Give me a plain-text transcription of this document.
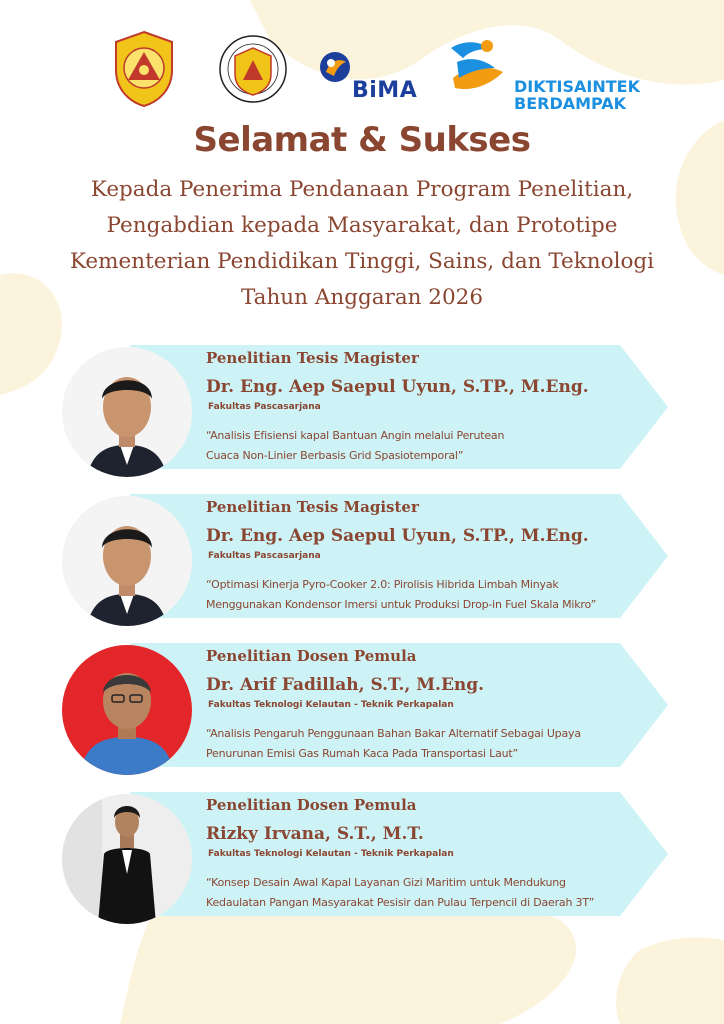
BiMA	DIKTISAINTEK
BERDAMPAK
Selamat & Sukses
Kepada Penerima Pendanaan Program Penelitian,
Pengabdian kepada Masyarakat, dan Prototipe
Kementerian Pendidikan Tinggi, Sains, dan Teknologi
Tahun Anggaran 2026
Penelitian Tesis Magister
Dr. Eng. Aep Saepul Uyun, S.TP., M.Eng.
Fakultas Pascasarjana
“Analisis Efisiensi kapal Bantuan Angin melalui Perutean
Cuaca Non-Linier Berbasis Grid Spasiotemporal”
Penelitian Tesis Magister
Dr. Eng. Aep Saepul Uyun, S.TP., M.Eng.
Fakultas Pascasarjana
“Optimasi Kinerja Pyro-Cooker 2.0: Pirolisis Hibrida Limbah Minyak
Menggunakan Kondensor Imersi untuk Produksi Drop-in Fuel Skala Mikro”
Penelitian Dosen Pemula
Dr. Arif Fadillah, S.T., M.Eng.
Fakultas Teknologi Kelautan - Teknik Perkapalan
“Analisis Pengaruh Penggunaan Bahan Bakar Alternatif Sebagai Upaya
Penurunan Emisi Gas Rumah Kaca Pada Transportasi Laut”
Penelitian Dosen Pemula
Rizky Irvana, S.T., M.T.
Fakultas Teknologi Kelautan - Teknik Perkapalan
“Konsep Desain Awal Kapal Layanan Gizi Maritim untuk Mendukung
Kedaulatan Pangan Masyarakat Pesisir dan Pulau Terpencil di Daerah 3T”
